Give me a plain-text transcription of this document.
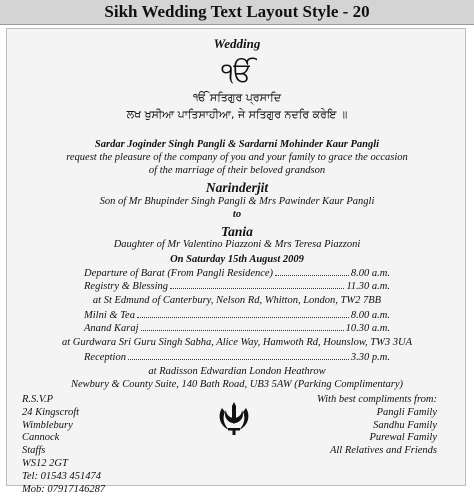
Sikh Wedding Text Layout Style - 20
Wedding
ੴ
ੴ ਸਤਿਗੁਰ ਪ੍ਰਸਾਦਿ
ਲਖ ਖੁਸੀਆ ਪਾਤਿਸਾਹੀਆ, ਜੇ ਸਤਿਗੁਰ ਨਦਰਿ ਕਰੇਇ ॥
Sardar Joginder Singh Pangli & Sardarni Mohinder Kaur Pangli
request the pleasure of the company of you and your family to grace the occasion
of the marriage of their beloved grandson
Narinderjit
Son of Mr Bhupinder Singh Pangli & Mrs Pawinder Kaur Pangli
to
Tania
Daughter of Mr Valentino Piazzoni & Mrs Teresa Piazzoni
On Saturday 15th August 2009
Departure of Barat (From Pangli Residence)	8.00 a.m.
Registry & Blessing	11.30 a.m.
at St Edmund of Canterbury, Nelson Rd, Whitton, London, TW2 7BB
Milni & Tea	8.00 a.m.
Anand Karaj	10.30 a.m.
at Gurdwara Sri Guru Singh Sabha, Alice Way, Hamwoth Rd, Hounslow, TW3 3UA
Reception	3.30 p.m.
at Radisson Edwardian London Heathrow
Newbury & County Suite, 140 Bath Road, UB3 5AW (Parking Complimentary)
R.S.V.P
24 Kingscroft
Wimblebury
Cannock
Staffs
WS12 2GT
Tel: 01543 451474
Mob: 07917146287
With best compliments from:
Pangli Family
Sandhu Family
Purewal Family
All Relatives and Friends
